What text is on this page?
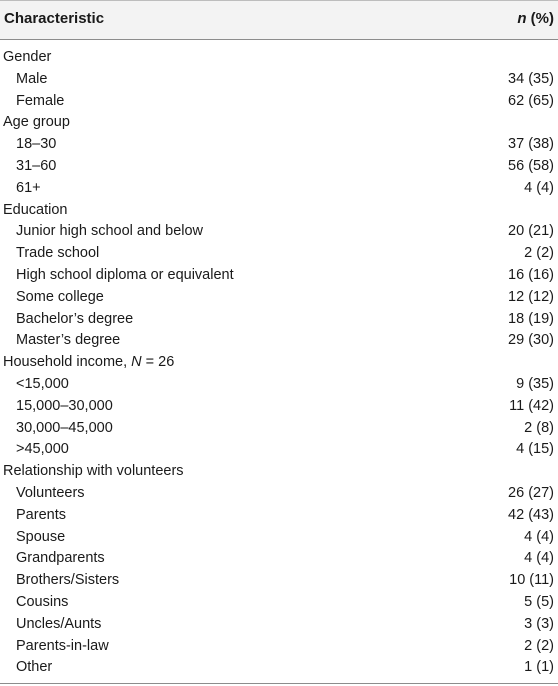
Characteristic	n (%)
Gender
Male	34 (35)
Female	62 (65)
Age group
18–30	37 (38)
31–60	56 (58)
61+	4 (4)
Education
Junior high school and below	20 (21)
Trade school	2 (2)
High school diploma or equivalent	16 (16)
Some college	12 (12)
Bachelor’s degree	18 (19)
Master’s degree	29 (30)
Household income, N = 26
<15,000	9 (35)
15,000–30,000	11 (42)
30,000–45,000	2 (8)
>45,000	4 (15)
Relationship with volunteers
Volunteers	26 (27)
Parents	42 (43)
Spouse	4 (4)
Grandparents	4 (4)
Brothers/Sisters	10 (11)
Cousins	5 (5)
Uncles/Aunts	3 (3)
Parents-in-law	2 (2)
Other	1 (1)
